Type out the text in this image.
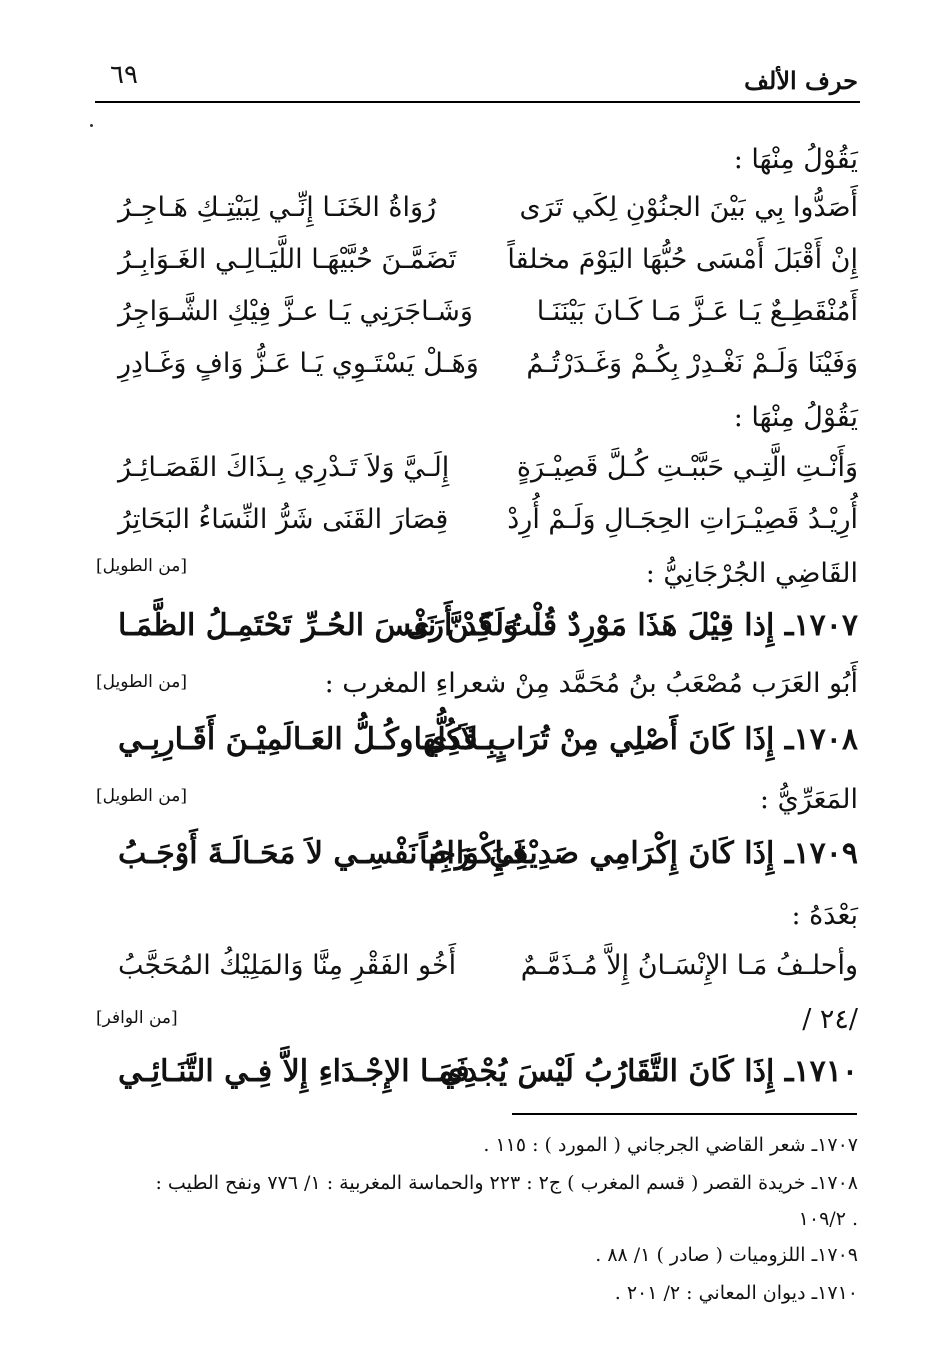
حرف الألف
٦٩
يَقُوْلُ مِنْهَا :
أَصَدُّوا بِي بَيْنَ الجنُوْنِ لِكَي تَرَى
رُوَاةُ الخَنَـا إِنِّـي لِبَيْتِـكِ هَـاجِـرُ
إِنْ أَقْبَلَ أَمْسَى حُبُّهَا اليَوْمَ مخلقاً
تَضَمَّـنَ حُبَّيْهَـا اللَّيَـالِـي الغَـوَابِـرُ
أَمُنْقَطِـعٌ يَـا عَـزَّ مَـا كَـانَ بَيْنَنَـا
وَشَـاجَرَنِي يَـا عـزَّ فِيْكِ الشَّـوَاجِرُ
وَفَيْنَا وَلَـمْ نَغْـدِرْ بِكُـمْ وَغَـدَرْتُـمُ
وَهَـلْ يَسْتَـوِي يَـا عَـزُّ وَافٍ وَغَـادِرِ
يَقُوْلُ مِنْهَا :
وَأَنْـتِ الَّتِـي حَبَّبْـتِ كُـلَّ قَصِيْـرَةٍ
إِلَـيَّ وَلاَ تَـدْرِي بِـذَاكَ القَصَـائِـرُ
أُرِيْـدُ قَصِيْـرَاتِ الحِجَـالِ وَلَـمْ أُرِدْ
قِصَارَ القَنَى شَرُّ النِّسَاءُ البَحَاتِرُ
القَاضِي الجُرْجَانِيُّ :
[من الطويل]
١٧٠٧ـ إِذا قِيْلَ هَذَا مَوْرِدٌ قُلْتُ قَدْ أَرَى
وَلَكِـنَّ نَفْسَ الحُـرِّ تَحْتَمِـلُ الظَّمَـا
أَبُو العَرَب مُصْعَبُ بنُ مُحَمَّد مِنْ شعراءِ المغرب :
[من الطويل]
١٧٠٨ـ إِذَا كَانَ أَصْلِي مِنْ تُرَابٍ فَكُلُّهَا
بِـلاَدِي وكُـلُّ العَـالَمِيْـنَ أَقَـارِبِـي
المَعَرِّيُّ :
[من الطويل]
١٧٠٩ـ إِذَا كَانَ إِكْرَامِي صَدِيْقِيَ وَاجِباً
فَـإِكْـرَامُ نَفْسِـي لاَ مَحَـالَـةَ أَوْجَـبُ
بَعْدَهُ :
وأحلـفُ مَـا الإِنْسَـانُ إِلاَّ مُـذَمَّـمٌ
أَخُو الفَقْرِ مِنَّا وَالمَلِيْكُ المُحَجَّبُ
/ ٢٤/
[من الوافر]
١٧١٠ـ إِذَا كَانَ التَّقَارُبُ لَيْسَ يُجْدِي
فَمَـا الإِجْـدَاءِ إِلاَّ فِـي التَّنَـائِـي
١٧٠٧ـ شعر القاضي الجرجاني ( المورد ) : ١١٥ .
١٧٠٨ـ خريدة القصر ( قسم المغرب ) ج٢ : ٢٢٣ والحماسة المغربية : ١/ ٧٧٦ ونفح الطيب :
١٠٩/٢ .
١٧٠٩ـ اللزوميات ( صادر ) ١/ ٨٨ .
١٧١٠ـ ديوان المعاني : ٢/ ٢٠١ .
